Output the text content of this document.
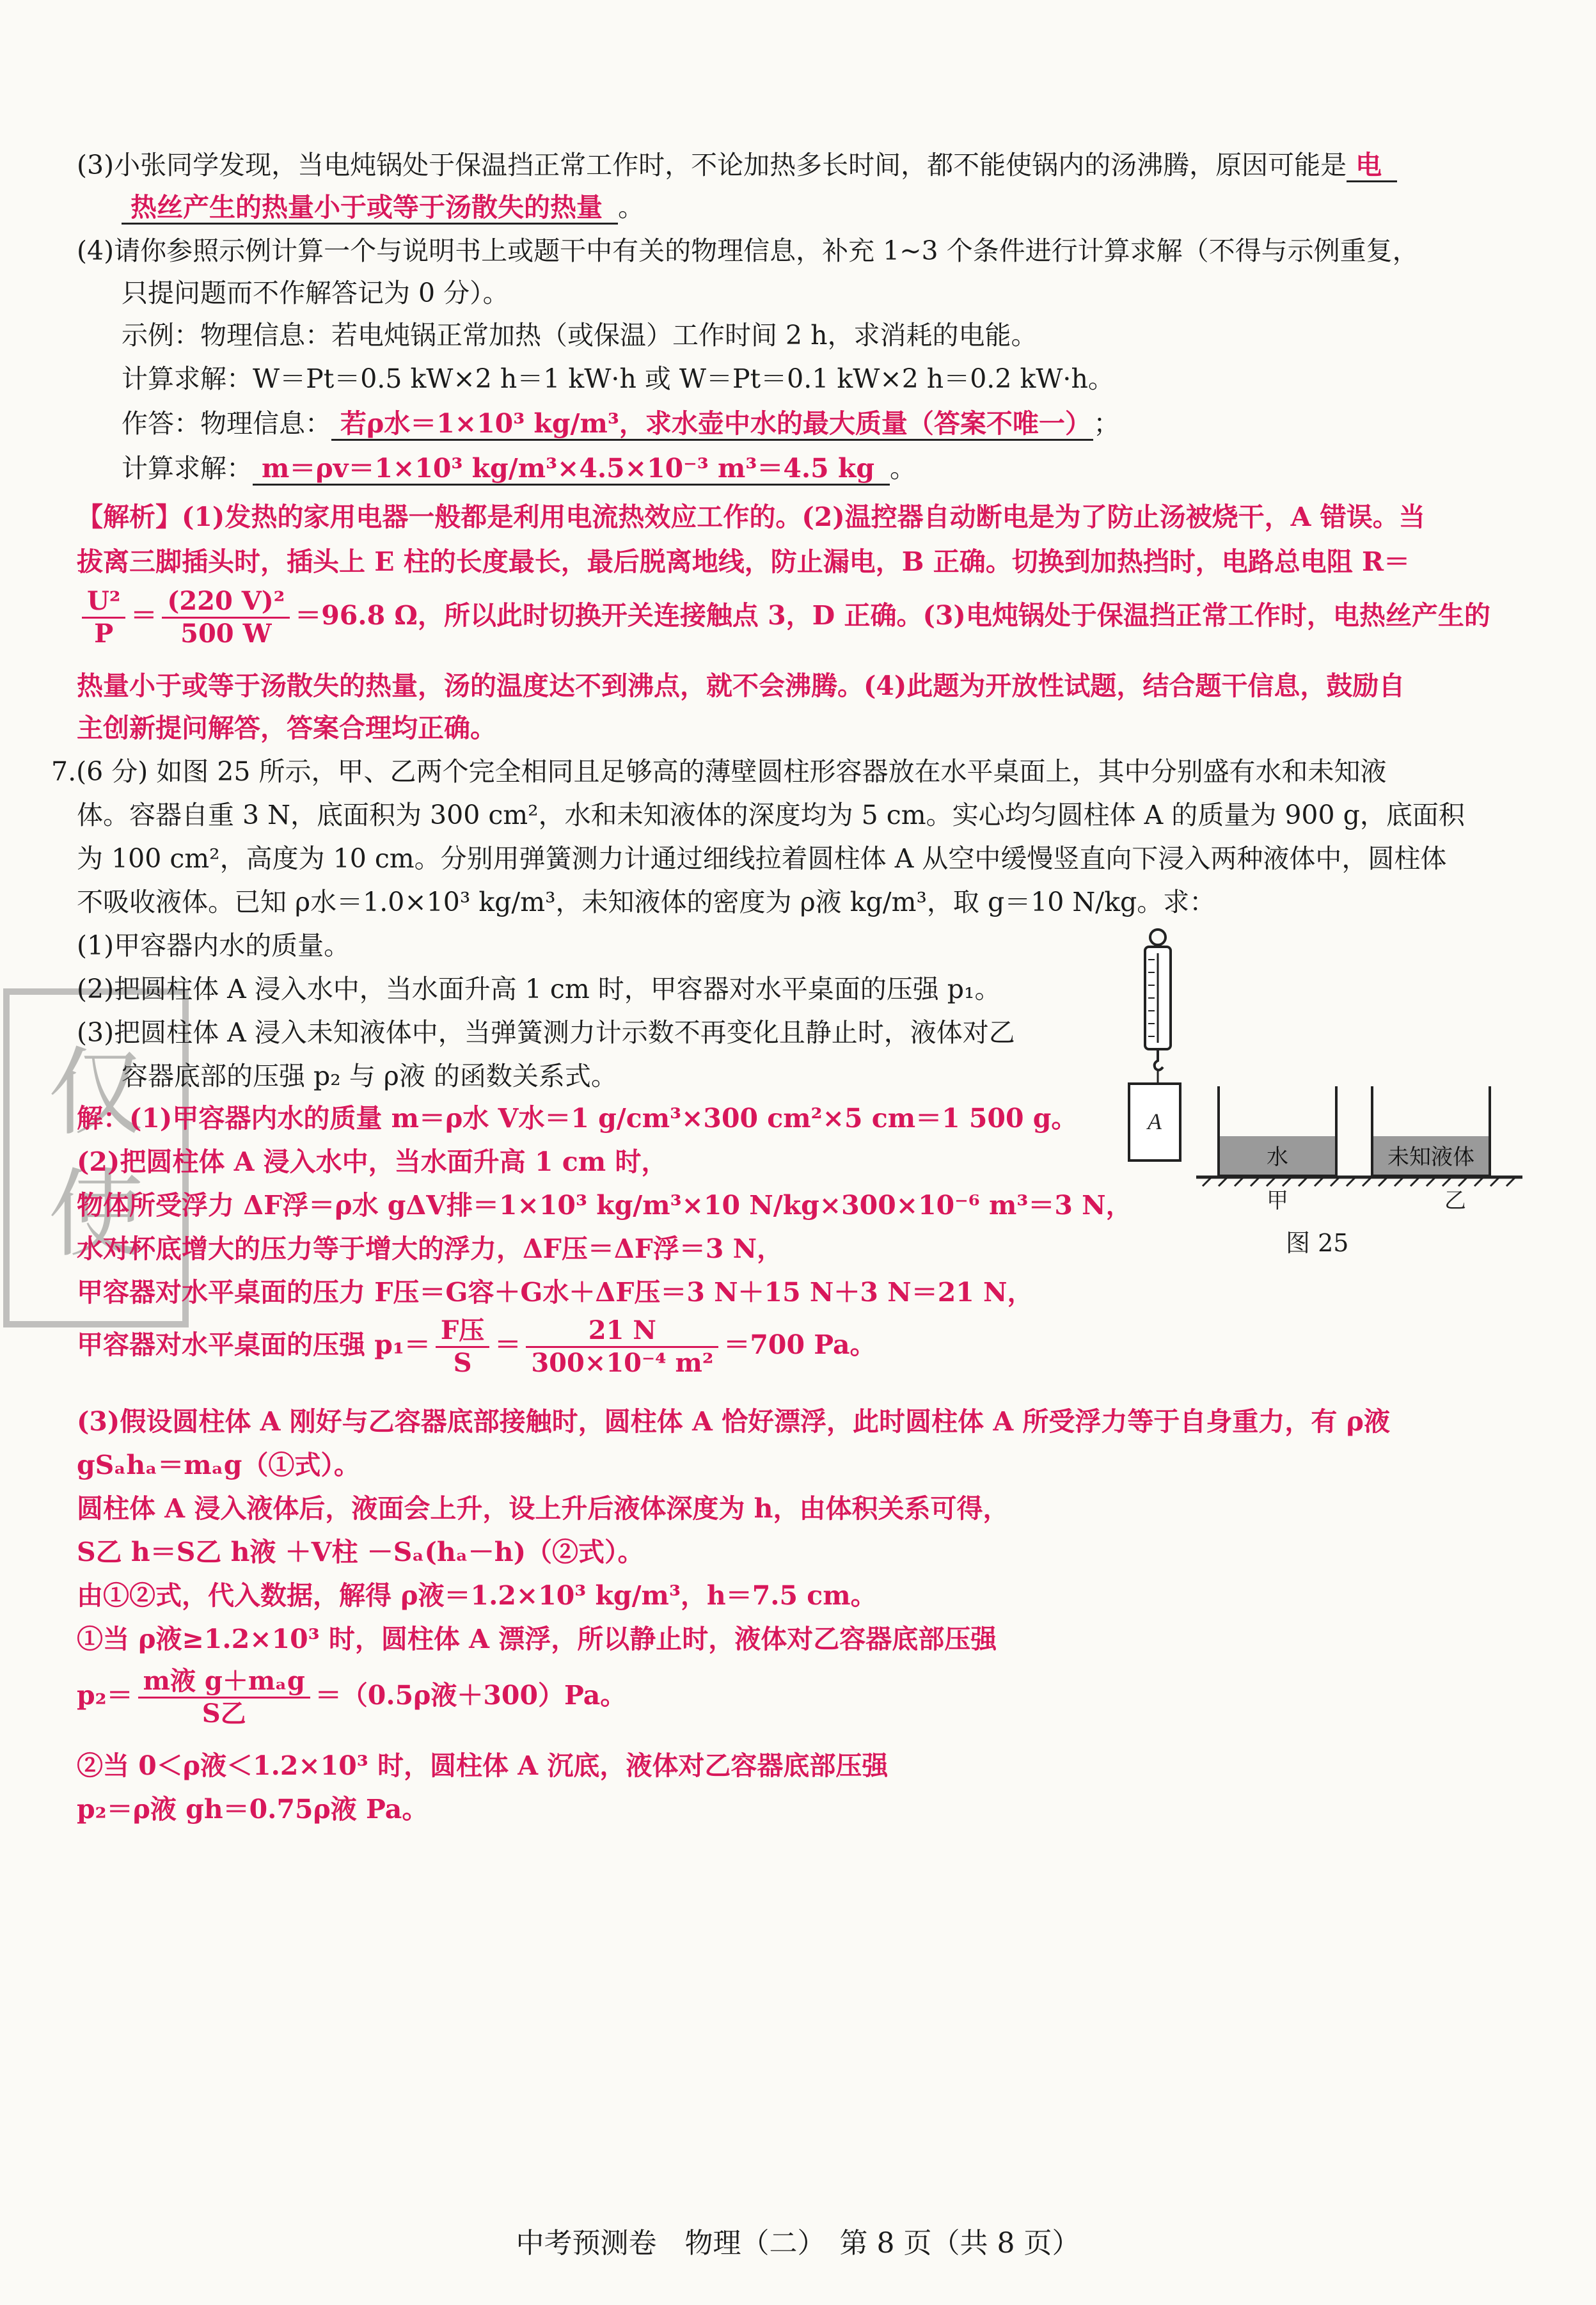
仅
使
(3)小张同学发现，当电炖锅处于保温挡正常工作时，不论加热多长时间，都不能使锅内的汤沸腾，原因可能是 电
热丝产生的热量小于或等于汤散失的热量 。
(4)请你参照示例计算一个与说明书上或题干中有关的物理信息，补充 1~3 个条件进行计算求解（不得与示例重复，
只提问题而不作解答记为 0 分）。
示例：物理信息：若电炖锅正常加热（或保温）工作时间 2 h，求消耗的电能。
计算求解：W＝Pt＝0.5 kW×2 h＝1 kW·h 或 W＝Pt＝0.1 kW×2 h＝0.2 kW·h。
作答：物理信息： 若ρ水＝1×10³ kg/m³，求水壶中水的最大质量（答案不唯一） ；
计算求解： m＝ρv＝1×10³ kg/m³×4.5×10⁻³ m³＝4.5 kg 。
【解析】(1)发热的家用电器一般都是利用电流热效应工作的。(2)温控器自动断电是为了防止汤被烧干，A 错误。当
拔离三脚插头时，插头上 E 柱的长度最长，最后脱离地线，防止漏电，B 正确。切换到加热挡时，电路总电阻 R＝
$\frac{\text{U²}}{P} = \frac{\text{(220 V)²}}{500 W} =96.8$ Ω，所以此时切换开关连接触点 3，D 正确。(3)电炖锅处于保温挡正常工作时，电热丝产生的
热量小于或等于汤散失的热量，汤的温度达不到沸点，就不会沸腾。(4)此题为开放性试题，结合题干信息，鼓励自
主创新提问解答，答案合理均正确。
7.(6 分) 如图 25 所示，甲、乙两个完全相同且足够高的薄壁圆柱形容器放在水平桌面上，其中分别盛有水和未知液
体。容器自重 3 N，底面积为 300 cm²，水和未知液体的深度均为 5 cm。实心均匀圆柱体 A 的质量为 900 g，底面积
为 100 cm²，高度为 10 cm。分别用弹簧测力计通过细线拉着圆柱体 A 从空中缓慢竖直向下浸入两种液体中，圆柱体
不吸收液体。已知 ρ水＝1.0×10³ kg/m³，未知液体的密度为 ρ液 kg/m³，取 g＝10 N/kg。求：
(1)甲容器内水的质量。
(2)把圆柱体 A 浸入水中，当水面升高 1 cm 时，甲容器对水平桌面的压强 p₁。
(3)把圆柱体 A 浸入未知液体中，当弹簧测力计示数不再变化且静止时，液体对乙
容器底部的压强 p₂ 与 ρ液 的函数关系式。
A
水	未知液体
甲	乙
图 25
解：(1)甲容器内水的质量 m＝ρ水 V水＝1 g/cm³×300 cm²×5 cm＝1 500 g。
(2)把圆柱体 A 浸入水中，当水面升高 1 cm 时，
物体所受浮力 ΔF浮＝ρ水 gΔV排＝1×10³ kg/m³×10 N/kg×300×10⁻⁶ m³＝3 N，
水对杯底增大的压力等于增大的浮力，ΔF压＝ΔF浮＝3 N，
甲容器对水平桌面的压力 F压＝G容＋G水＋ΔF压＝3 N＋15 N＋3 N＝21 N，
甲容器对水平桌面的压强 $p_1= \frac{\text{F压}}{S} = \frac{21 N}{\text{300×10⁻⁴ m²}} =700$ Pa。
(3)假设圆柱体 A 刚好与乙容器底部接触时，圆柱体 A 恰好漂浮，此时圆柱体 A 所受浮力等于自身重力，有 ρ液
gSₐhₐ＝mₐg（①式）。
圆柱体 A 浸入液体后，液面会上升，设上升后液体深度为 h，由体积关系可得，
S乙 h＝S乙 h液 ＋V柱 －Sₐ(hₐ－h)（②式）。
由①②式，代入数据，解得 ρ液＝1.2×10³ kg/m³，h＝7.5 cm。
①当 ρ液≥1.2×10³ 时，圆柱体 A 漂浮，所以静止时，液体对乙容器底部压强
$p_2= \frac{\text{m液 g＋mₐg}}{\text{S乙}} =(0.5\rho$液＋300）Pa。
②当 0＜ρ液＜1.2×10³ 时，圆柱体 A 沉底，液体对乙容器底部压强
p₂＝ρ液 gh＝0.75ρ液 Pa。
中考预测卷　物理（二）　第 8 页（共 8 页）
